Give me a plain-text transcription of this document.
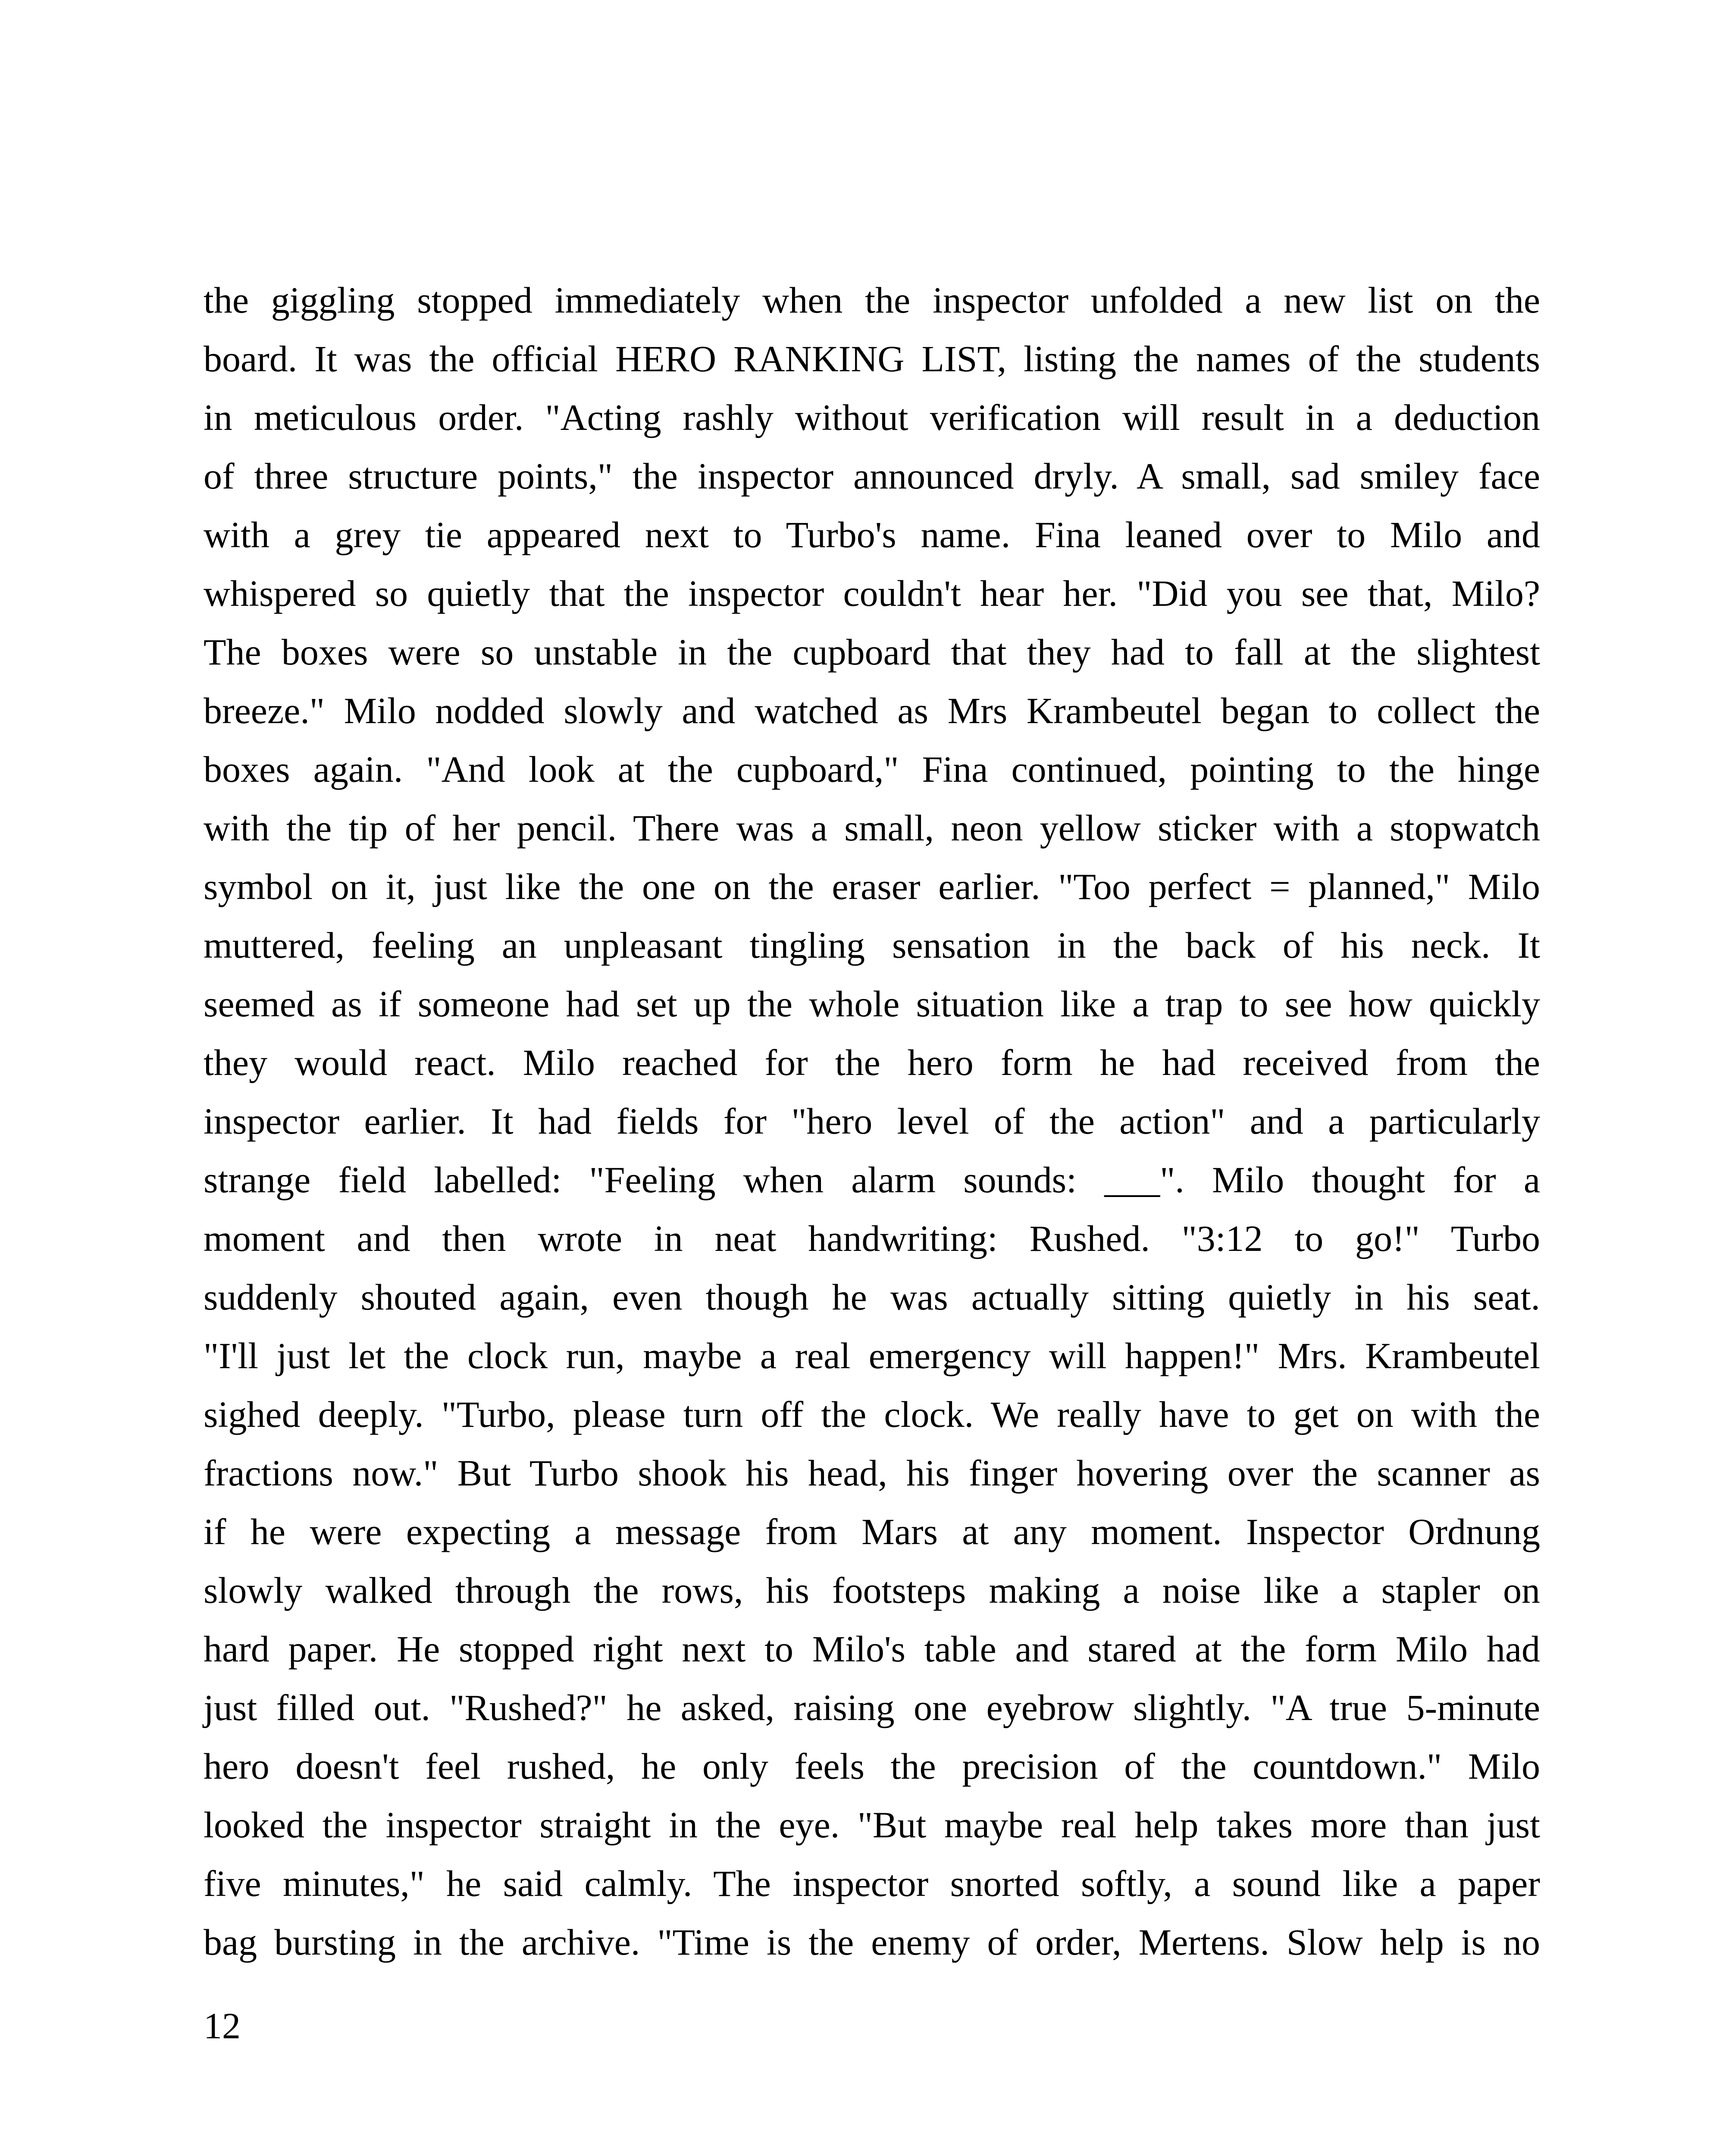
the giggling stopped immediately when the inspector unfolded a new list on the
board. It was the official HERO RANKING LIST, listing the names of the students
in meticulous order. "Acting rashly without verification will result in a deduction
of three structure points," the inspector announced dryly. A small, sad smiley face
with a grey tie appeared next to Turbo's name. Fina leaned over to Milo and
whispered so quietly that the inspector couldn't hear her. "Did you see that, Milo?
The boxes were so unstable in the cupboard that they had to fall at the slightest
breeze." Milo nodded slowly and watched as Mrs Krambeutel began to collect the
boxes again. "And look at the cupboard," Fina continued, pointing to the hinge
with the tip of her pencil. There was a small, neon yellow sticker with a stopwatch
symbol on it, just like the one on the eraser earlier. "Too perfect = planned," Milo
muttered, feeling an unpleasant tingling sensation in the back of his neck. It
seemed as if someone had set up the whole situation like a trap to see how quickly
they would react. Milo reached for the hero form he had received from the
inspector earlier. It had fields for "hero level of the action" and a particularly
strange field labelled: "Feeling when alarm sounds: ___". Milo thought for a
moment and then wrote in neat handwriting: Rushed. "3:12 to go!" Turbo
suddenly shouted again, even though he was actually sitting quietly in his seat.
"I'll just let the clock run, maybe a real emergency will happen!" Mrs. Krambeutel
sighed deeply. "Turbo, please turn off the clock. We really have to get on with the
fractions now." But Turbo shook his head, his finger hovering over the scanner as
if he were expecting a message from Mars at any moment. Inspector Ordnung
slowly walked through the rows, his footsteps making a noise like a stapler on
hard paper. He stopped right next to Milo's table and stared at the form Milo had
just filled out. "Rushed?" he asked, raising one eyebrow slightly. "A true 5-minute
hero doesn't feel rushed, he only feels the precision of the countdown." Milo
looked the inspector straight in the eye. "But maybe real help takes more than just
five minutes," he said calmly. The inspector snorted softly, a sound like a paper
bag bursting in the archive. "Time is the enemy of order, Mertens. Slow help is no

12
